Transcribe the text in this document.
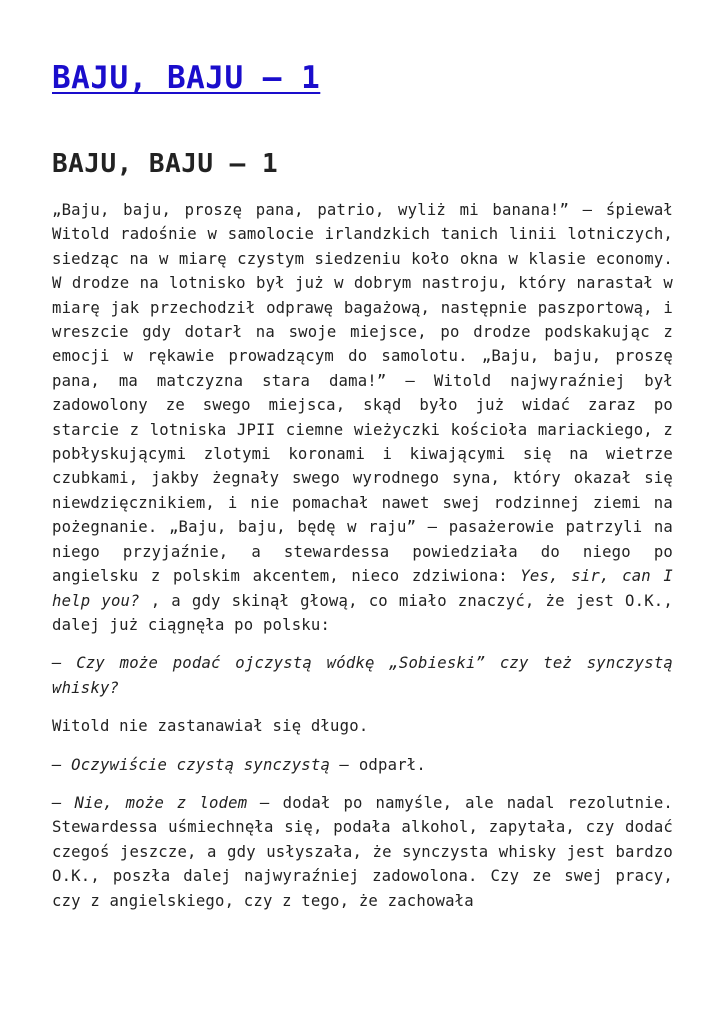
BAJU, BAJU – 1
BAJU, BAJU – 1

„Baju, baju, proszę pana, patrio, wyliż mi banana!” – śpiewał Witold radośnie w samolocie irlandzkich tanich linii lotniczych, siedząc na w miarę czystym siedzeniu koło okna w klasie economy. W drodze na lotnisko był już w dobrym nastroju, który narastał w miarę jak przechodził odprawę bagażową, następnie paszportową, i wreszcie gdy dotarł na swoje miejsce, po drodze podskakując z emocji w rękawie prowadzącym do samolotu. „Baju, baju, proszę pana, ma matczyzna stara dama!” – Witold najwyraźniej był zadowolony ze swego miejsca, skąd było już widać zaraz po starcie z lotniska JPII ciemne wieżyczki kościoła mariackiego, z pobłyskującymi zlotymi koronami i kiwającymi się na wietrze czubkami, jakby żegnały swego wyrodnego syna, który okazał się niewdzięcznikiem, i nie pomachał nawet swej rodzinnej ziemi na pożegnanie. „Baju, baju, będę w raju” – pasażerowie patrzyli na niego przyjaźnie, a stewardessa powiedziała do niego po angielsku z polskim akcentem, nieco zdziwiona: Yes, sir, can I help you? , a gdy skinął głową, co miało znaczyć, że jest O.K., dalej już ciągnęła po polsku:

– Czy może podać ojczystą wódkę „Sobieski” czy też synczystą whisky?

Witold nie zastanawiał się długo.

– Oczywiście czystą synczystą – odparł.

– Nie, może z lodem – dodał po namyśle, ale nadal rezolutnie. Stewardessa uśmiechnęła się, podała alkohol, zapytała, czy dodać czegoś jeszcze, a gdy usłyszała, że synczysta whisky jest bardzo O.K., poszła dalej najwyraźniej zadowolona. Czy ze swej pracy, czy z angielskiego, czy z tego, że zachowała
